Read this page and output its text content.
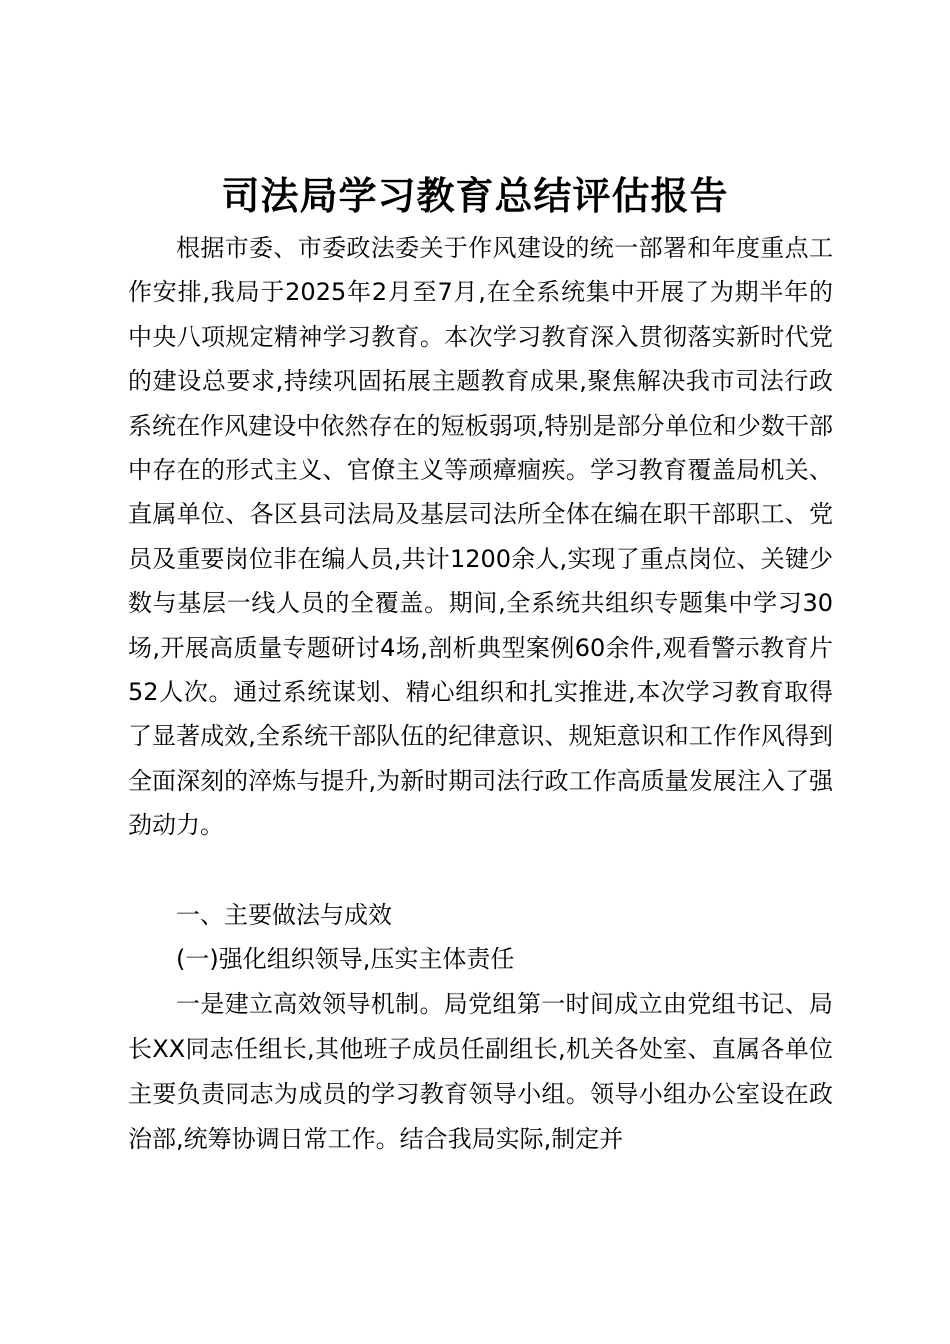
司法局学习教育总结评估报告

根据市委、市委政法委关于作风建设的统一部署和年度重点工作安排,我局于2025年2月至7月,在全系统集中开展了为期半年的中央八项规定精神学习教育。本次学习教育深入贯彻落实新时代党的建设总要求,持续巩固拓展主题教育成果,聚焦解决我市司法行政系统在作风建设中依然存在的短板弱项,特别是部分单位和少数干部中存在的形式主义、官僚主义等顽瘴痼疾。学习教育覆盖局机关、直属单位、各区县司法局及基层司法所全体在编在职干部职工、党员及重要岗位非在编人员,共计1200余人,实现了重点岗位、关键少数与基层一线人员的全覆盖。期间,全系统共组织专题集中学习30场,开展高质量专题研讨4场,剖析典型案例60余件,观看警示教育片52人次。通过系统谋划、精心组织和扎实推进,本次学习教育取得了显著成效,全系统干部队伍的纪律意识、规矩意识和工作作风得到全面深刻的淬炼与提升,为新时期司法行政工作高质量发展注入了强劲动力。

一、主要做法与成效

(一)强化组织领导,压实主体责任

一是建立高效领导机制。局党组第一时间成立由党组书记、局长XX同志任组长,其他班子成员任副组长,机关各处室、直属各单位主要负责同志为成员的学习教育领导小组。领导小组办公室设在政治部,统筹协调日常工作。结合我局实际,制定并
